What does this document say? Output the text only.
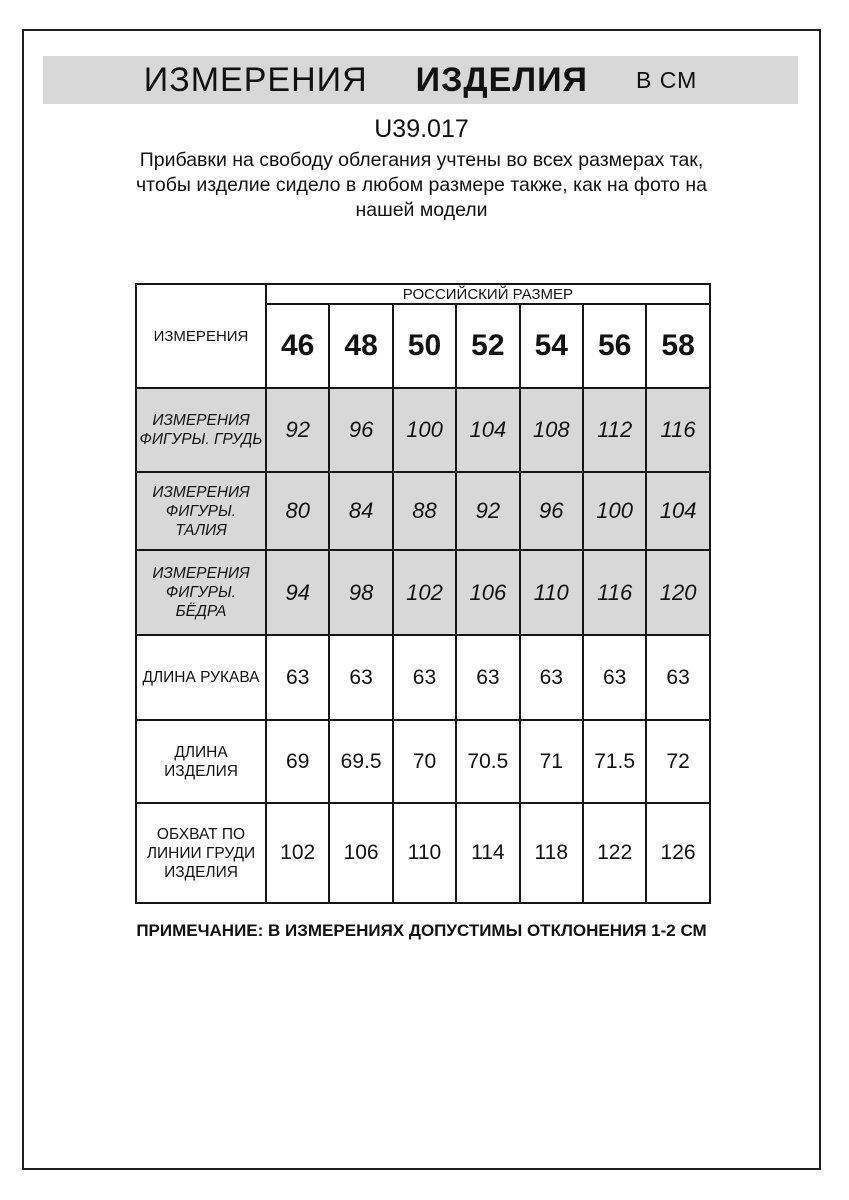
ИЗМЕРЕНИЯ ИЗДЕЛИЯ В СМ
U39.017
Прибавки на свободу облегания учтены во всех размерах так,
чтобы изделие сидело в любом размере также, как на фото на
нашей модели
ИЗМЕРЕНИЯ	РОССИЙСКИЙ РАЗМЕР						
	46	48	50	52	54	56	58
ИЗМЕРЕНИЯ ФИГУРЫ. ГРУДЬ	92	96	100	104	108	112	116
ИЗМЕРЕНИЯ ФИГУРЫ. ТАЛИЯ	80	84	88	92	96	100	104
ИЗМЕРЕНИЯ ФИГУРЫ. БЁДРА	94	98	102	106	110	116	120
ДЛИНА РУКАВА	63	63	63	63	63	63	63
ДЛИНА ИЗДЕЛИЯ	69	69.5	70	70.5	71	71.5	72
ОБХВАТ ПО ЛИНИИ ГРУДИ ИЗДЕЛИЯ	102	106	110	114	118	122	126
ПРИМЕЧАНИЕ: В ИЗМЕРЕНИЯХ ДОПУСТИМЫ ОТКЛОНЕНИЯ 1-2 СМ
